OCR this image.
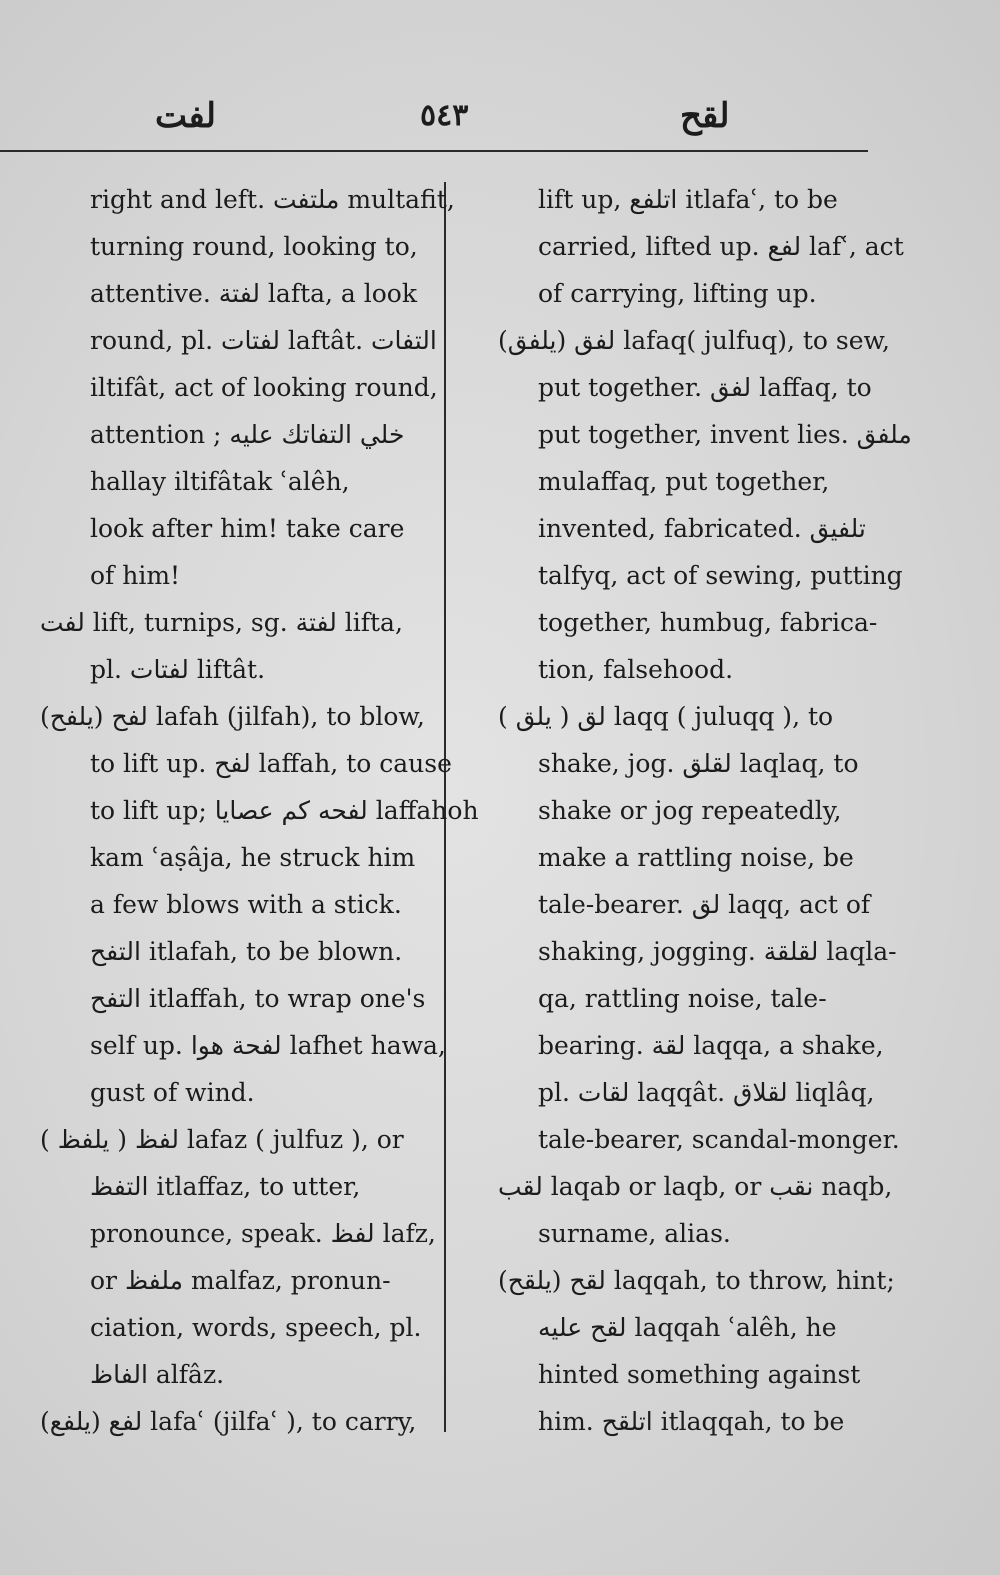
لفت	٥٤٣	لقح
right and left. ملتفت multafit,
turning round, looking to,
attentive. لفتة lafta, a look
round, pl. لفتات laftât. التفات
iltifât, act of looking round,
attention ; خلي التفاتك عليه
hallay iltifâtak ʿalêh,
look after him! take care
of him!
لفت lift, turnips, sg. لفتة lifta,
pl. لفتات liftât.
لفح (يلفح) lafah (jilfah), to blow,
to lift up. لفح laffah, to cause
to lift up; لفحه كم عصايا laffahoh
kam ʿaṣâja, he struck him
a few blows with a stick.
التفح itlafah, to be blown.
التفح itlaffah, to wrap one's
self up. لفحة هوا lafhet hawa,
gust of wind.
لفظ ( يلفظ ) lafaz ( julfuz ), or
التفظ itlaffaz, to utter,
pronounce, speak. لفظ lafz,
or ملفظ malfaz, pronun-
ciation, words, speech, pl.
الفاظ alfâz.
لفع (يلفع) lafaʿ (jilfaʿ ), to carry,
lift up, اتلفع itlafaʿ, to be
carried, lifted up. لفع lafʿ, act
of carrying, lifting up.
لفق (يلفق) lafaq( julfuq), to sew,
put together. لفق laffaq, to
put together, invent lies. ملفق
mulaffaq, put together,
invented, fabricated. تلفيق
talfyq, act of sewing, putting
together, humbug, fabrica-
tion, falsehood.
لق ( يلق ) laqq ( juluqq ), to
shake, jog. لقلق laqlaq, to
shake or jog repeatedly,
make a rattling noise, be
tale-bearer. لق laqq, act of
shaking, jogging. لقلقة laqla-
qa, rattling noise, tale-
bearing. لقة laqqa, a shake,
pl. لقات laqqât. لقلاق liqlâq,
tale-bearer, scandal-monger.
لقب laqab or laqb, or نقب naqb,
surname, alias.
لقح (يلقح) laqqah, to throw, hint;
لقح عليه laqqah ʿalêh, he
hinted something against
him. اتلقح itlaqqah, to be
